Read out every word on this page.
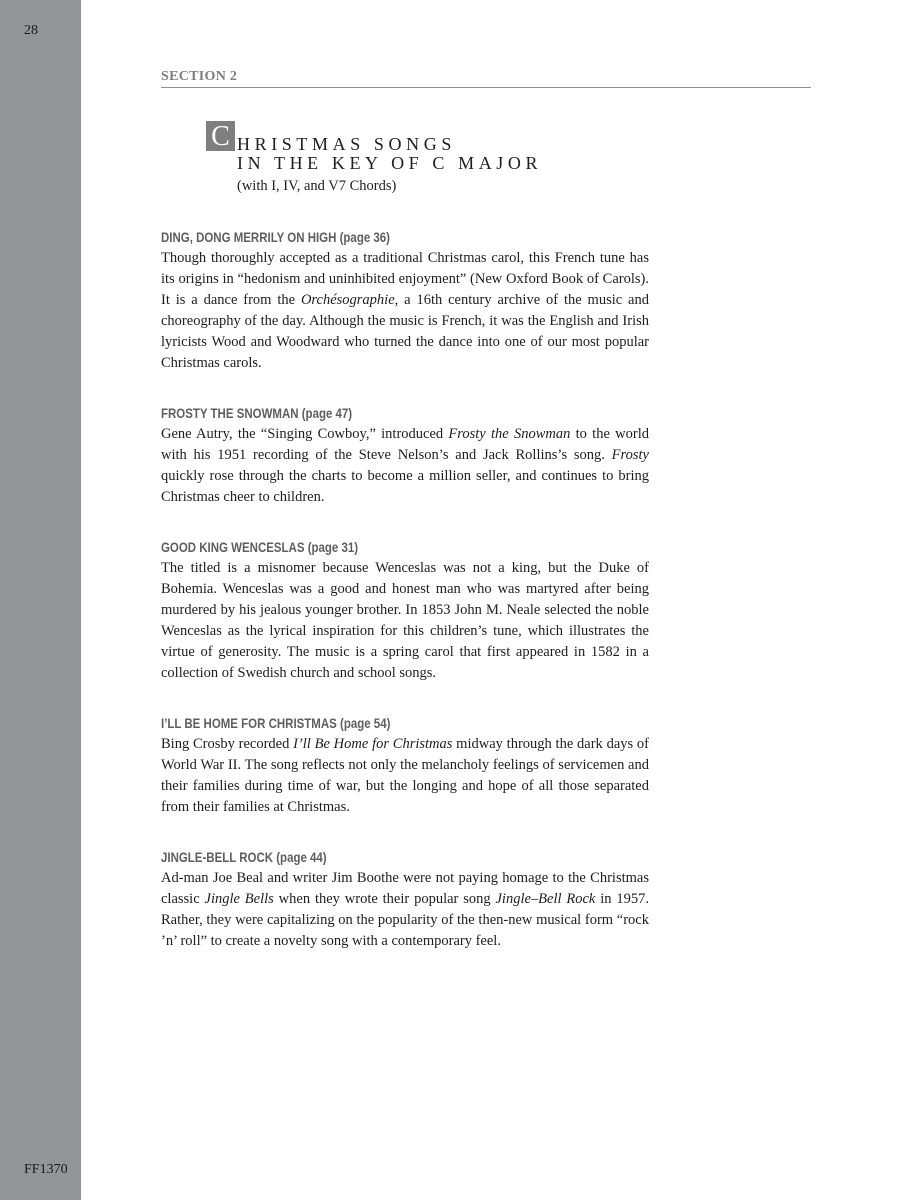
28
FF1370
SECTION 2
C HRISTMAS SONGS
IN THE KEY OF C MAJOR
(with I, IV, and V7 Chords)
DING, DONG MERRILY ON HIGH (page 36)

Though thoroughly accepted as a traditional Christmas carol, this French tune has its origins in “hedonism and uninhibited enjoyment” (New Oxford Book of Carols). It is a dance from the Orchésographie, a 16th century archive of the music and choreography of the day. Although the music is French, it was the English and Irish lyricists Wood and Woodward who turned the dance into one of our most popular Christmas carols.

FROSTY THE SNOWMAN (page 47)

Gene Autry, the “Singing Cowboy,” introduced Frosty the Snowman to the world with his 1951 recording of the Steve Nelson’s and Jack Rollins’s song. Frosty quickly rose through the charts to become a million seller, and continues to bring Christmas cheer to children.

GOOD KING WENCESLAS (page 31)

The titled is a misnomer because Wenceslas was not a king, but the Duke of Bohemia. Wenceslas was a good and honest man who was martyred after being murdered by his jealous younger brother. In 1853 John M. Neale selected the noble Wenceslas as the lyrical inspiration for this children’s tune, which illustrates the virtue of generosity. The music is a spring carol that first appeared in 1582 in a collection of Swedish church and school songs.

I’LL BE HOME FOR CHRISTMAS (page 54)

Bing Crosby recorded I’ll Be Home for Christmas midway through the dark days of World War II. The song reflects not only the melancholy feelings of servicemen and their families during time of war, but the longing and hope of all those separated from their families at Christmas.

JINGLE-BELL ROCK (page 44)

Ad-man Joe Beal and writer Jim Boothe were not paying homage to the Christmas classic Jingle Bells when they wrote their popular song Jingle–Bell Rock in 1957. Rather, they were capitalizing on the popularity of the then-new musical form “rock ’n’ roll” to create a novelty song with a contemporary feel.
